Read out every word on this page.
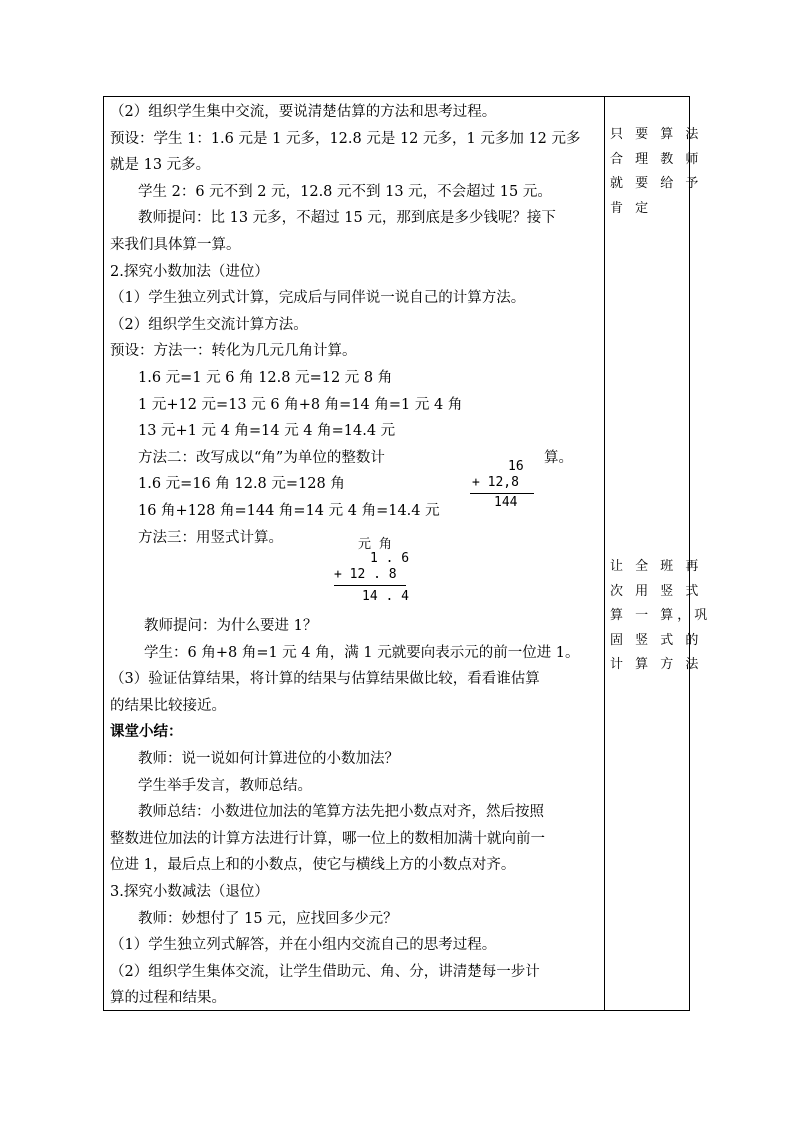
（2）组织学生集中交流，要说清楚估算的方法和思考过程。
预设：学生 1：1.6 元是 1 元多，12.8 元是 12 元多，1 元多加 12 元多
就是 13 元多。
学生 2：6 元不到 2 元，12.8 元不到 13 元，不会超过 15 元。
教师提问：比 13 元多，不超过 15 元，那到底是多少钱呢？接下
来我们具体算一算。
2.探究小数加法（进位）
（1）学生独立列式计算，完成后与同伴说一说自己的计算方法。
（2）组织学生交流计算方法。
预设：方法一：转化为几元几角计算。
1.6 元=1 元 6 角 12.8 元=12 元 8 角
1 元+12 元=13 元 6 角+8 角=14 角=1 元 4 角
13 元+1 元 4 角=14 元 4 角=14.4 元
方法二：改写成以“角”为单位的整数计	算。
1.6 元=16 角 12.8 元=128 角
16 角+128 角=144 角=14 元 4 角=14.4 元
方法三：用竖式计算。
教师提问：为什么要进 1？
学生：6 角+8 角=1 元 4 角，满 1 元就要向表示元的前一位进 1。
（3）验证估算结果，将计算的结果与估算结果做比较，看看谁估算
的结果比较接近。
课堂小结：
教师：说一说如何计算进位的小数加法？
学生举手发言，教师总结。
教师总结：小数进位加法的笔算方法先把小数点对齐，然后按照
整数进位加法的计算方法进行计算，哪一位上的数相加满十就向前一
位进 1，最后点上和的小数点，使它与横线上方的小数点对齐。
3.探究小数减法（退位）
教师：妙想付了 15 元，应找回多少元？
（1）学生独立列式解答，并在小组内交流自己的思考过程。
（2）组织学生集体交流，让学生借助元、角、分，讲清楚每一步计
算的过程和结果。
16
+ 12,8
144
元 角
1 . 6
+ 12 . 8
14 . 4
只 要 算 法
合 理 教 师
就 要 给 予
肯 定
让 全 班 再
次 用 竖 式
算 一 算，巩
固 竖 式 的
计 算 方 法
